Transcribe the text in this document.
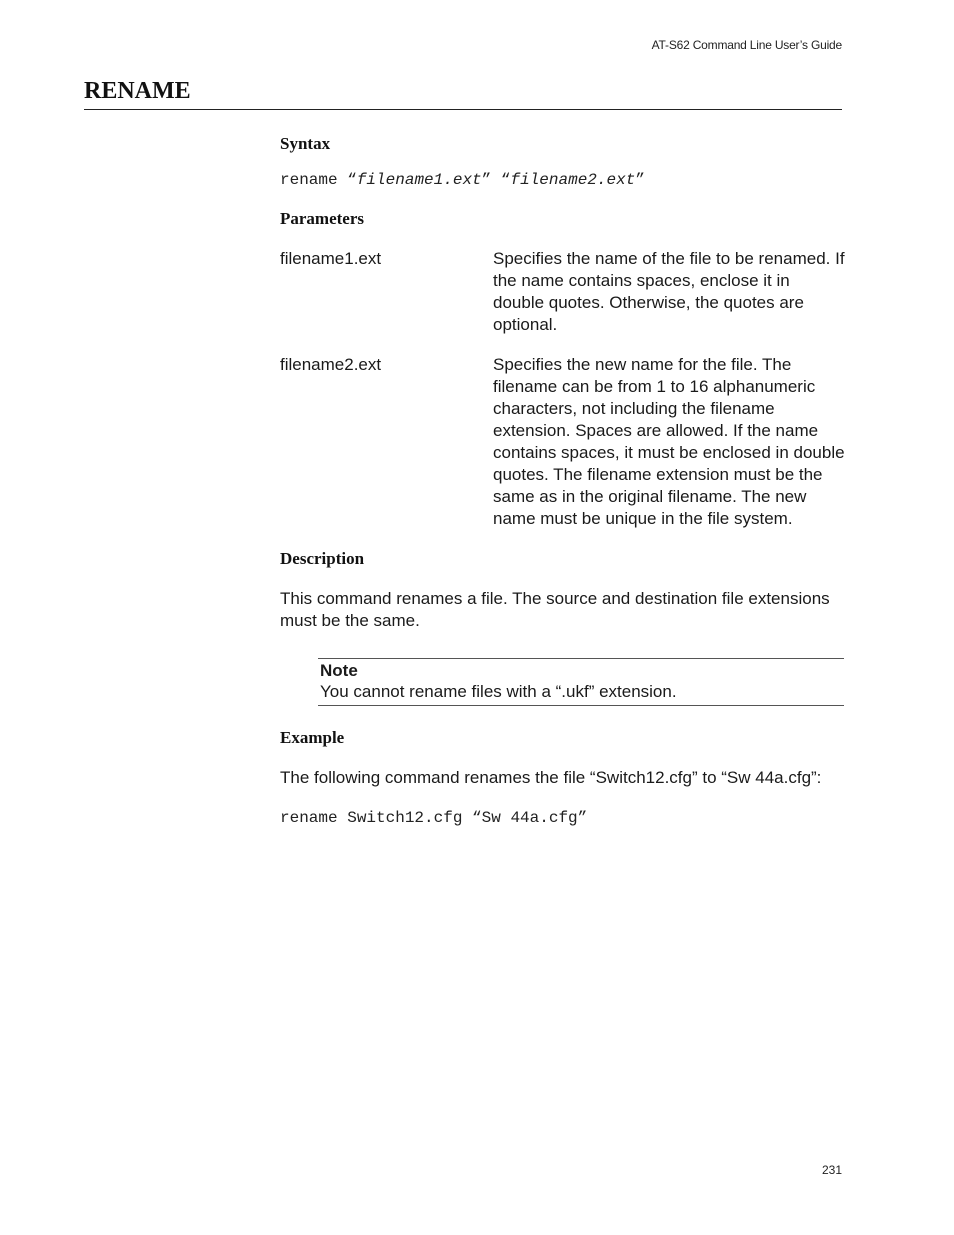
AT-S62 Command Line User’s Guide
RENAME
Syntax
rename “filename1.ext” “filename2.ext”
Parameters
filename1.ext	Specifies the name of the file to be renamed. If the name contains spaces, enclose it in double quotes. Otherwise, the quotes are optional.
filename2.ext	Specifies the new name for the file. The filename can be from 1 to 16 alphanumeric characters, not including the filename extension. Spaces are allowed. If the name contains spaces, it must be enclosed in double quotes. The filename extension must be the same as in the original filename. The new name must be unique in the file system.
Description
This command renames a file. The source and destination file extensions must be the same.
Note
You cannot rename files with a “.ukf” extension.
Example
The following command renames the file “Switch12.cfg” to “Sw 44a.cfg”:
rename Switch12.cfg “Sw 44a.cfg”
231
